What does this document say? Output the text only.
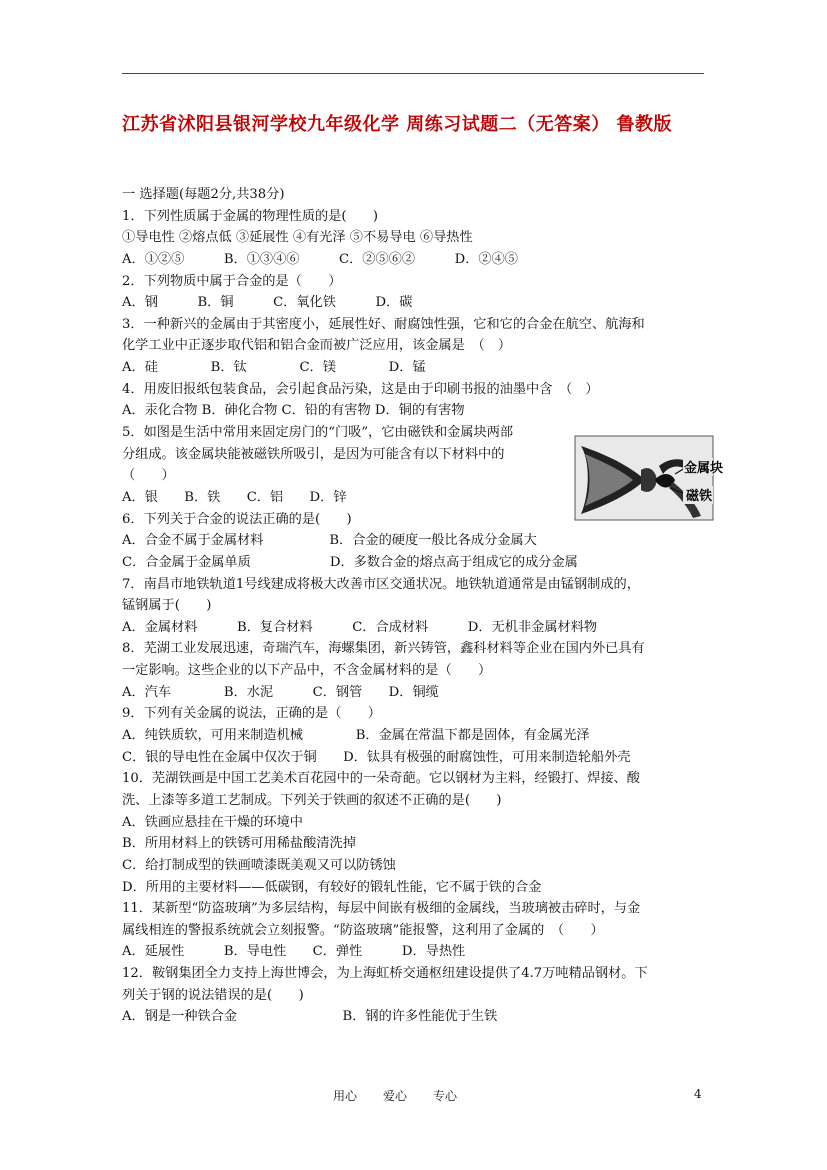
江苏省沭阳县银河学校九年级化学 周练习试题二（无答案） 鲁教版
一 选择题(每题2分,共38分)
1．下列性质属于金属的物理性质的是(　　)
①导电性 ②熔点低 ③延展性 ④有光泽 ⑤不易导电 ⑥导热性
A．①②⑤　　　B．①③④⑥　　　C．②⑤⑥②　　　D．②④⑤
2．下列物质中属于合金的是（　　）
A．钢　　　B．铜　　　C．氧化铁　　　D．碳
3．一种新兴的金属由于其密度小，延展性好、耐腐蚀性强，它和它的合金在航空、航海和
化学工业中正逐步取代铝和铝合金而被广泛应用，该金属是　（　）
A．硅　　　　B．钛　　　　C．镁　　　　D．锰
4．用废旧报纸包装食品，会引起食品污染，这是由于印刷书报的油墨中含　（　）
A．汞化合物 B．砷化合物 C．铅的有害物 D．铜的有害物
5．如图是生活中常用来固定房门的“门吸”，它由磁铁和金属块两部
分组成。该金属块能被磁铁所吸引，是因为可能含有以下材料中的
（　　）
A．银　　B．铁　　C．铝　　D．锌
6．下列关于合金的说法正确的是(　　)
A．合金不属于金属材料　　　　　B．合金的硬度一般比各成分金属大
C．合金属于金属单质　　　　　　D．多数合金的熔点高于组成它的成分金属
7．南昌市地铁轨道1号线建成将极大改善市区交通状况。地铁轨道通常是由锰钢制成的，
锰钢属于(　　)
A．金属材料　　　B．复合材料　　　C．合成材料　　　D．无机非金属材料物
8．芜湖工业发展迅速，奇瑞汽车，海螺集团，新兴铸管，鑫科材料等企业在国内外已具有
一定影响。这些企业的以下产品中，不含金属材料的是（　　）
A．汽车　　　　B．水泥　　　C．钢管　　D．铜缆
9．下列有关金属的说法，正确的是（　　）
A．纯铁质软，可用来制造机械　　　　B．金属在常温下都是固体，有金属光泽
C．银的导电性在金属中仅次于铜　　D．钛具有极强的耐腐蚀性，可用来制造轮船外壳
10．芜湖铁画是中国工艺美术百花园中的一朵奇葩。它以钢材为主料，经锻打、焊接、酸
洗、上漆等多道工艺制成。下列关于铁画的叙述不正确的是(　　)
A．铁画应悬挂在干燥的环境中
B．所用材料上的铁锈可用稀盐酸清洗掉
C．给打制成型的铁画喷漆既美观又可以防锈蚀
D．所用的主要材料——低碳钢，有较好的锻轧性能，它不属于铁的合金
11．某新型“防盗玻璃”为多层结构，每层中间嵌有极细的金属线，当玻璃被击碎时，与金
属线相连的警报系统就会立刻报警。“防盗玻璃”能报警，这利用了金属的　（　　）
A．延展性　　　B．导电性　　C．弹性　　　D．导热性
12．鞍钢集团全力支持上海世博会，为上海虹桥交通枢纽建设提供了4.7万吨精品钢材。下
列关于钢的说法错误的是(　　)
A．钢是一种铁合金　　　　　　　　B．钢的许多性能优于生铁
金属块
磁铁
用心 爱心 专心	4
